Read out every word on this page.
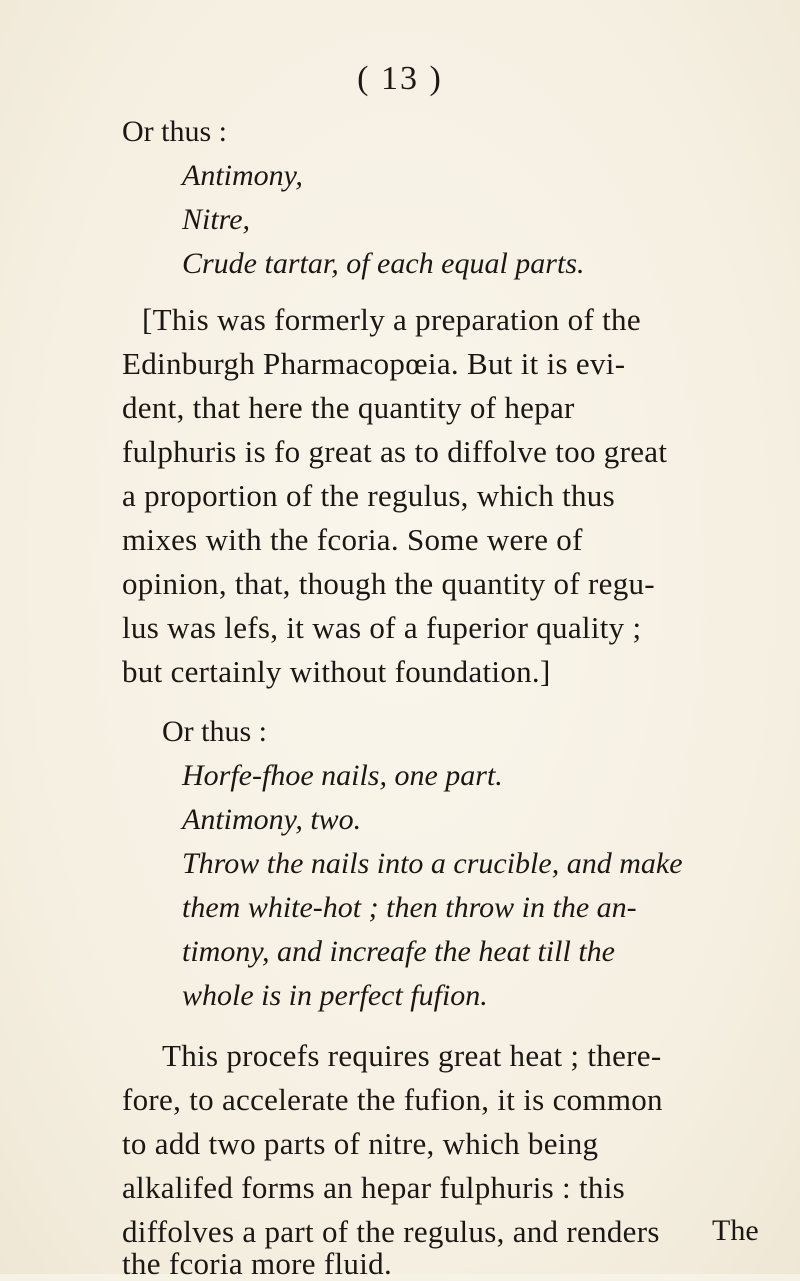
( 13 )
Or thus :
Antimony,
Nitre,
Crude tartar, of each equal parts.
[This was formerly a preparation of the
Edinburgh Pharmacopœia. But it is evi-
dent, that here the quantity of hepar
fulphuris is fo great as to diffolve too great
a proportion of the regulus, which thus
mixes with the fcoria. Some were of
opinion, that, though the quantity of regu-
lus was lefs, it was of a fuperior quality ;
but certainly without foundation.]
Or thus :
Horfe-fhoe nails, one part.
Antimony, two.
Throw the nails into a crucible, and make
them white-hot ; then throw in the an-
timony, and increafe the heat till the
whole is in perfect fufion.
This procefs requires great heat ; there-
fore, to accelerate the fufion, it is common
to add two parts of nitre, which being
alkalifed forms an hepar fulphuris : this
diffolves a part of the regulus, and renders
the fcoria more fluid.
The
